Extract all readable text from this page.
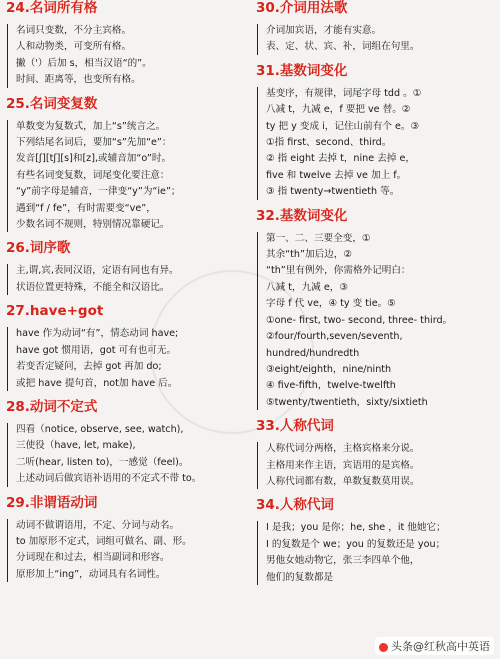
24.名词所有格
名词只变数，不分主宾格。
人和动物类，可变所有格。
撇（'）后加 s，相当汉语“的”。
时间、距离等，也变所有格。
25.名词变复数
单数变为复数式，加上“s”统言之。
下列结尾名词后，要加“s”先加“e”：
发音[ʃ][tʃ][s]和[z],或辅音加“o”时。
有些名词变复数，词尾变化要注意：
“y”前字母是辅音，一律变“y”为“ie”；
遇到“f / fe”，有时需要变“ve”，
少数名词不规则，特别情况靠硬记。
26.词序歌
主,谓,宾,表同汉语，定语有同也有异。
状语位置更特殊，不能全和汉语比。
27.have+got
have 作为动词“有”，情态动词 have;
have got 惯用语，got 可有也可无。
若变否定疑问，去掉 got 再加 do;
或把 have 提句首，not加 have 后。
28.动词不定式
四看（notice, observe, see, watch),
三使役（have, let, make),
二听(hear, listen to)，一感觉（feel)。
上述动词后做宾语补语用的不定式不带 to。
29.非谓语动词
动词不做谓语用，不定、分词与动名。
to 加原形不定式，词组可做名、副、形。
分词现在和过去，相当副词和形容。
原形加上“ing”，动词具有名词性。
30.介词用法歌
介词加宾语，才能有实意。
表、定、状、宾、补，词组在句里。
31.基数词变化
基变序，有规律，词尾字母 tdd 。①
八减 t，九减 e，f 要把 ve 替。②
ty 把 y 变成 i，记住山前有个 e。③
①指 first、second、third。
② 指 eight 去掉 t，nine 去掉 e，
five 和 twelve 去掉 ve 加上 f。
③ 指 twenty→twentieth 等。
32.基数词变化
第一、二、三要全变，①
其余“th”加后边，②
“th”里有例外，你需格外记明白：
八减 t，九减 e，③
字母 f 代 ve，④ ty 变 tie。⑤
①one- first, two- second, three- third。
②four/fourth,seven/seventh,
hundred/hundredth
③eight/eighth，nine/ninth
④ five-fifth，twelve-twelfth
⑤twenty/twentieth，sixty/sixtieth
33.人称代词
人称代词分两格，主格宾格来分说。
主格用来作主语，宾语用的是宾格。
人称代词都有数，单数复数莫用误。
34.人称代词
I 是我；you 是你；he, she ，it 他她它；
I 的复数是个 we；you 的复数还是 you；
男他女她动物它，张三李四单个他，
他们的复数都是
头条@红秋高中英语
